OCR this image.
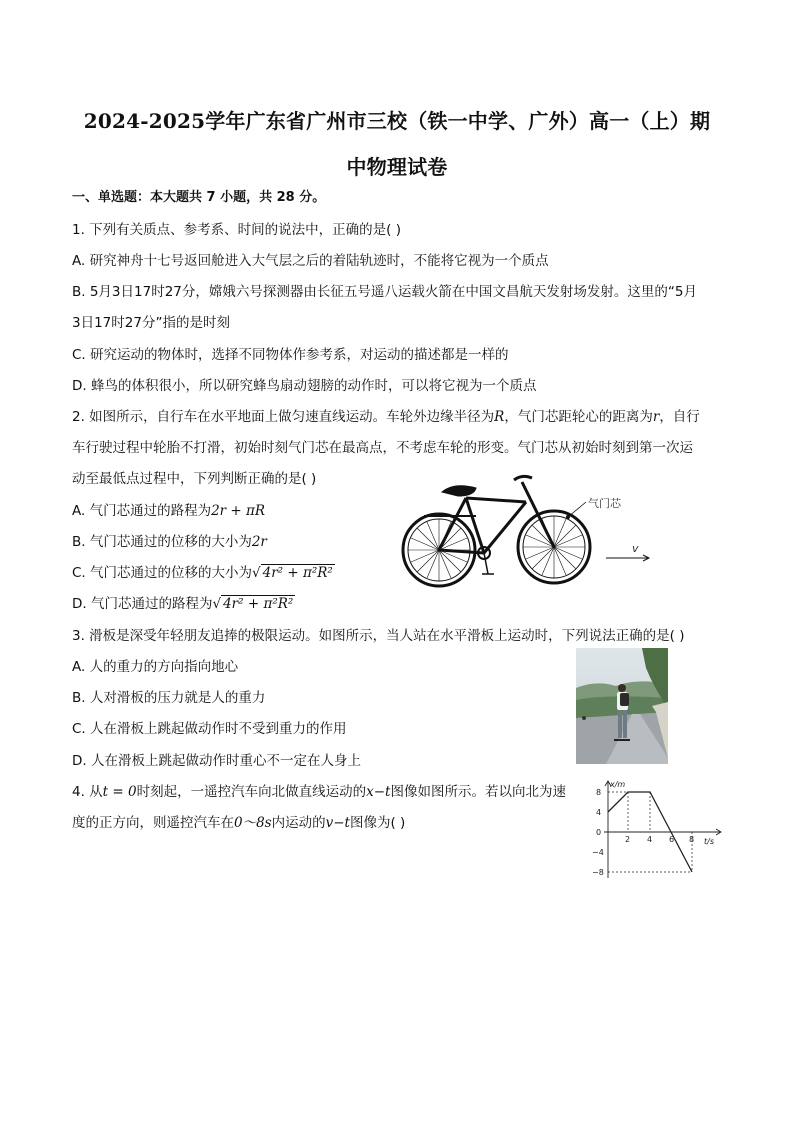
2024-2025学年广东省广州市三校（铁一中学、广外）高一（上）期
中物理试卷
一、单选题：本大题共 7 小题，共 28 分。
1. 下列有关质点、参考系、时间的说法中，正确的是( )
A. 研究神舟十七号返回舱进入大气层之后的着陆轨迹时，不能将它视为一个质点
B. 5月3日17时27分，嫦娥六号探测器由长征五号遥八运载火箭在中国文昌航天发射场发射。这里的“5月
3日17时27分”指的是时刻
C. 研究运动的物体时，选择不同物体作参考系，对运动的描述都是一样的
D. 蜂鸟的体积很小，所以研究蜂鸟扇动翅膀的动作时，可以将它视为一个质点
2. 如图所示，自行车在水平地面上做匀速直线运动。车轮外边缘半径为R，气门芯距轮心的距离为r，自行
车行驶过程中轮胎不打滑，初始时刻气门芯在最高点，不考虑车轮的形变。气门芯从初始时刻到第一次运
动至最低点过程中，下列判断正确的是( )
A. 气门芯通过的路程为2r + πR
B. 气门芯通过的位移的大小为2r
C. 气门芯通过的位移的大小为√ 4r² + π²R²
D. 气门芯通过的路程为√ 4r² + π²R²
气门芯
v
3. 滑板是深受年轻朋友追捧的极限运动。如图所示，当人站在水平滑板上运动时，下列说法正确的是( )
A. 人的重力的方向指向地心
B. 人对滑板的压力就是人的重力
C. 人在滑板上跳起做动作时不受到重力的作用
D. 人在滑板上跳起做动作时重心不一定在人身上
4. 从t = 0时刻起，一遥控汽车向北做直线运动的x−t图像如图所示。若以向北为速
度的正方向，则遥控汽车在0～8s内运动的v−t图像为( )
x/m
t/s
8
4
0
−4
−8
2 4 6 8
